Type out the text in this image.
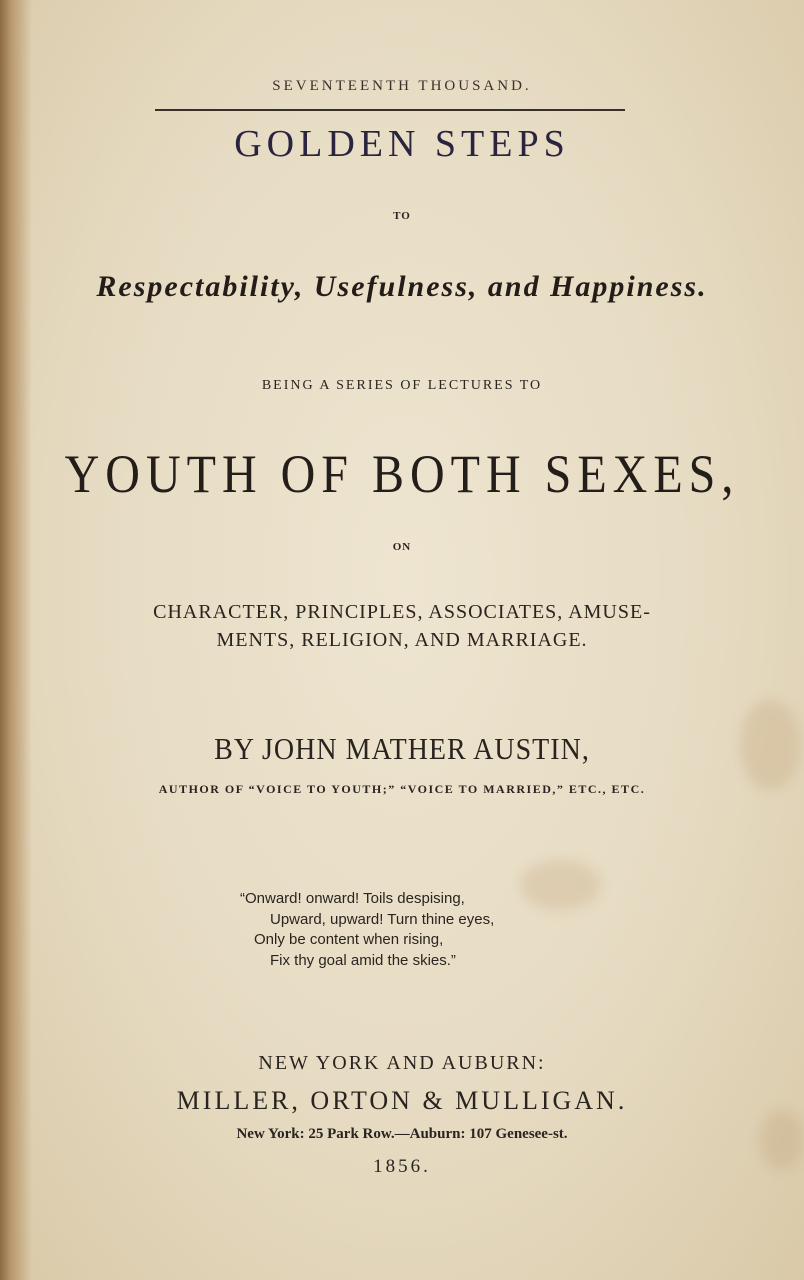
SEVENTEENTH THOUSAND.
GOLDEN STEPS
TO
Respectability, Usefulness, and Happiness.
BEING A SERIES OF LECTURES TO
YOUTH OF BOTH SEXES,
ON
CHARACTER, PRINCIPLES, ASSOCIATES, AMUSE-
MENTS, RELIGION, AND MARRIAGE.
BY JOHN MATHER AUSTIN,
AUTHOR OF “VOICE TO YOUTH;” “VOICE TO MARRIED,” ETC., ETC.
“Onward! onward! Toils despising,
Upward, upward! Turn thine eyes,
Only be content when rising,
Fix thy goal amid the skies.”
NEW YORK AND AUBURN:
MILLER, ORTON & MULLIGAN.
New York: 25 Park Row.—Auburn: 107 Genesee-st.
1856.
